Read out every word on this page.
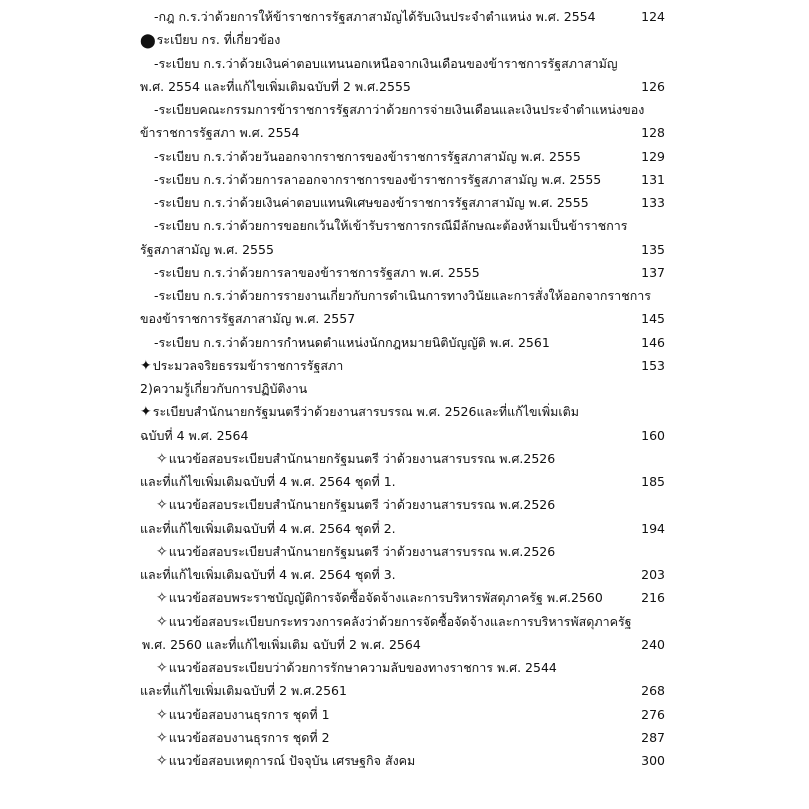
-กฎ ก.ร.ว่าด้วยการให้ข้าราชการรัฐสภาสามัญได้รับเงินประจำตำแหน่ง พ.ศ. 2554	124
⬤ระเบียบ กร. ที่เกี่ยวข้อง
-ระเบียบ ก.ร.ว่าด้วยเงินค่าตอบแทนนอกเหนือจากเงินเดือนของข้าราชการรัฐสภาสามัญ
พ.ศ. 2554 และที่แก้ไขเพิ่มเติมฉบับที่ 2 พ.ศ.2555	126
-ระเบียบคณะกรรมการข้าราชการรัฐสภาว่าด้วยการจ่ายเงินเดือนและเงินประจำตำแหน่งของ
ข้าราชการรัฐสภา พ.ศ. 2554	128
-ระเบียบ ก.ร.ว่าด้วยวันออกจากราชการของข้าราชการรัฐสภาสามัญ พ.ศ. 2555	129
-ระเบียบ ก.ร.ว่าด้วยการลาออกจากราชการของข้าราชการรัฐสภาสามัญ พ.ศ. 2555	131
-ระเบียบ ก.ร.ว่าด้วยเงินค่าตอบแทนพิเศษของข้าราชการรัฐสภาสามัญ พ.ศ. 2555	133
-ระเบียบ ก.ร.ว่าด้วยการขอยกเว้นให้เข้ารับราชการกรณีมีลักษณะต้องห้ามเป็นข้าราชการ
รัฐสภาสามัญ พ.ศ. 2555	135
-ระเบียบ ก.ร.ว่าด้วยการลาของข้าราชการรัฐสภา พ.ศ. 2555	137
-ระเบียบ ก.ร.ว่าด้วยการรายงานเกี่ยวกับการดำเนินการทางวินัยและการสั่งให้ออกจากราชการ
ของข้าราชการรัฐสภาสามัญ พ.ศ. 2557	145
-ระเบียบ ก.ร.ว่าด้วยการกำหนดตำแหน่งนักกฎหมายนิติบัญญัติ พ.ศ. 2561	146
✦ประมวลจริยธรรมข้าราชการรัฐสภา	153
2)ความรู้เกี่ยวกับการปฏิบัติงาน
✦ระเบียบสำนักนายกรัฐมนตรีว่าด้วยงานสารบรรณ พ.ศ. 2526และที่แก้ไขเพิ่มเติม
ฉบับที่ 4 พ.ศ. 2564	160
✧แนวข้อสอบระเบียบสำนักนายกรัฐมนตรี ว่าด้วยงานสารบรรณ พ.ศ.2526
และที่แก้ไขเพิ่มเติมฉบับที่ 4 พ.ศ. 2564 ชุดที่ 1.	185
✧แนวข้อสอบระเบียบสำนักนายกรัฐมนตรี ว่าด้วยงานสารบรรณ พ.ศ.2526
และที่แก้ไขเพิ่มเติมฉบับที่ 4 พ.ศ. 2564 ชุดที่ 2.	194
✧แนวข้อสอบระเบียบสำนักนายกรัฐมนตรี ว่าด้วยงานสารบรรณ พ.ศ.2526
และที่แก้ไขเพิ่มเติมฉบับที่ 4 พ.ศ. 2564 ชุดที่ 3.	203
✧แนวข้อสอบพระราชบัญญัติการจัดซื้อจัดจ้างและการบริหารพัสดุภาครัฐ พ.ศ.2560	216
✧แนวข้อสอบระเบียบกระทรวงการคลังว่าด้วยการจัดซื้อจัดจ้างและการบริหารพัสดุภาครัฐ
พ.ศ. 2560 และที่แก้ไขเพิ่มเติม ฉบับที่ 2 พ.ศ. 2564	240
✧แนวข้อสอบระเบียบว่าด้วยการรักษาความลับของทางราชการ พ.ศ. 2544
และที่แก้ไขเพิ่มเติมฉบับที่ 2 พ.ศ.2561	268
✧แนวข้อสอบงานธุรการ ชุดที่ 1	276
✧แนวข้อสอบงานธุรการ ชุดที่ 2	287
✧แนวข้อสอบเหตุการณ์ ปัจจุบัน เศรษฐกิจ สังคม	300
